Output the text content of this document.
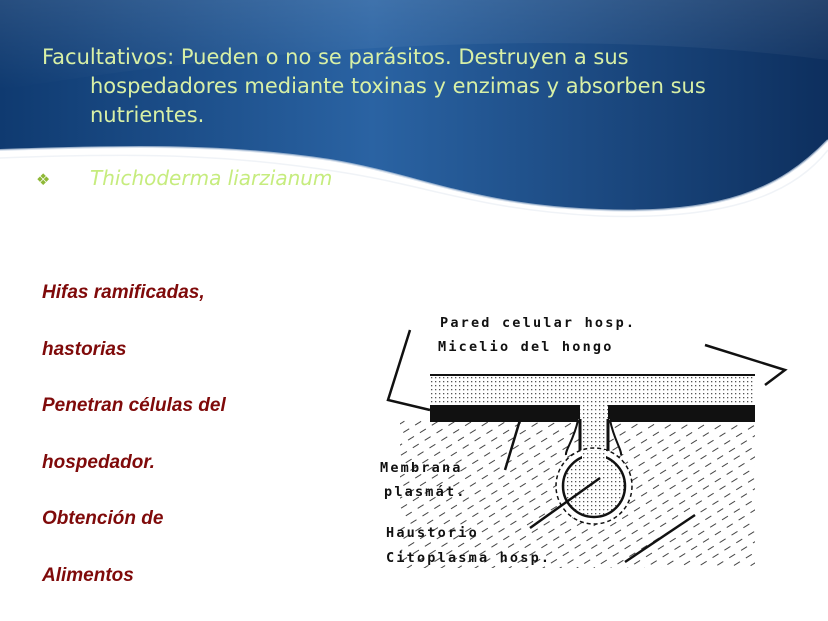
Facultativos: Pueden o no se parásitos. Destruyen a sus
hospedadores mediante toxinas y enzimas y absorben sus
nutrientes.
❖ Thichoderma liarzianum
Hifas ramificadas,
hastorias
Penetran células del
hospedador.
Obtención de
Alimentos
Pared celular hosp.
Micelio del hongo
Membrana
plasmát.
Haustorio
Citoplasma hosp.
